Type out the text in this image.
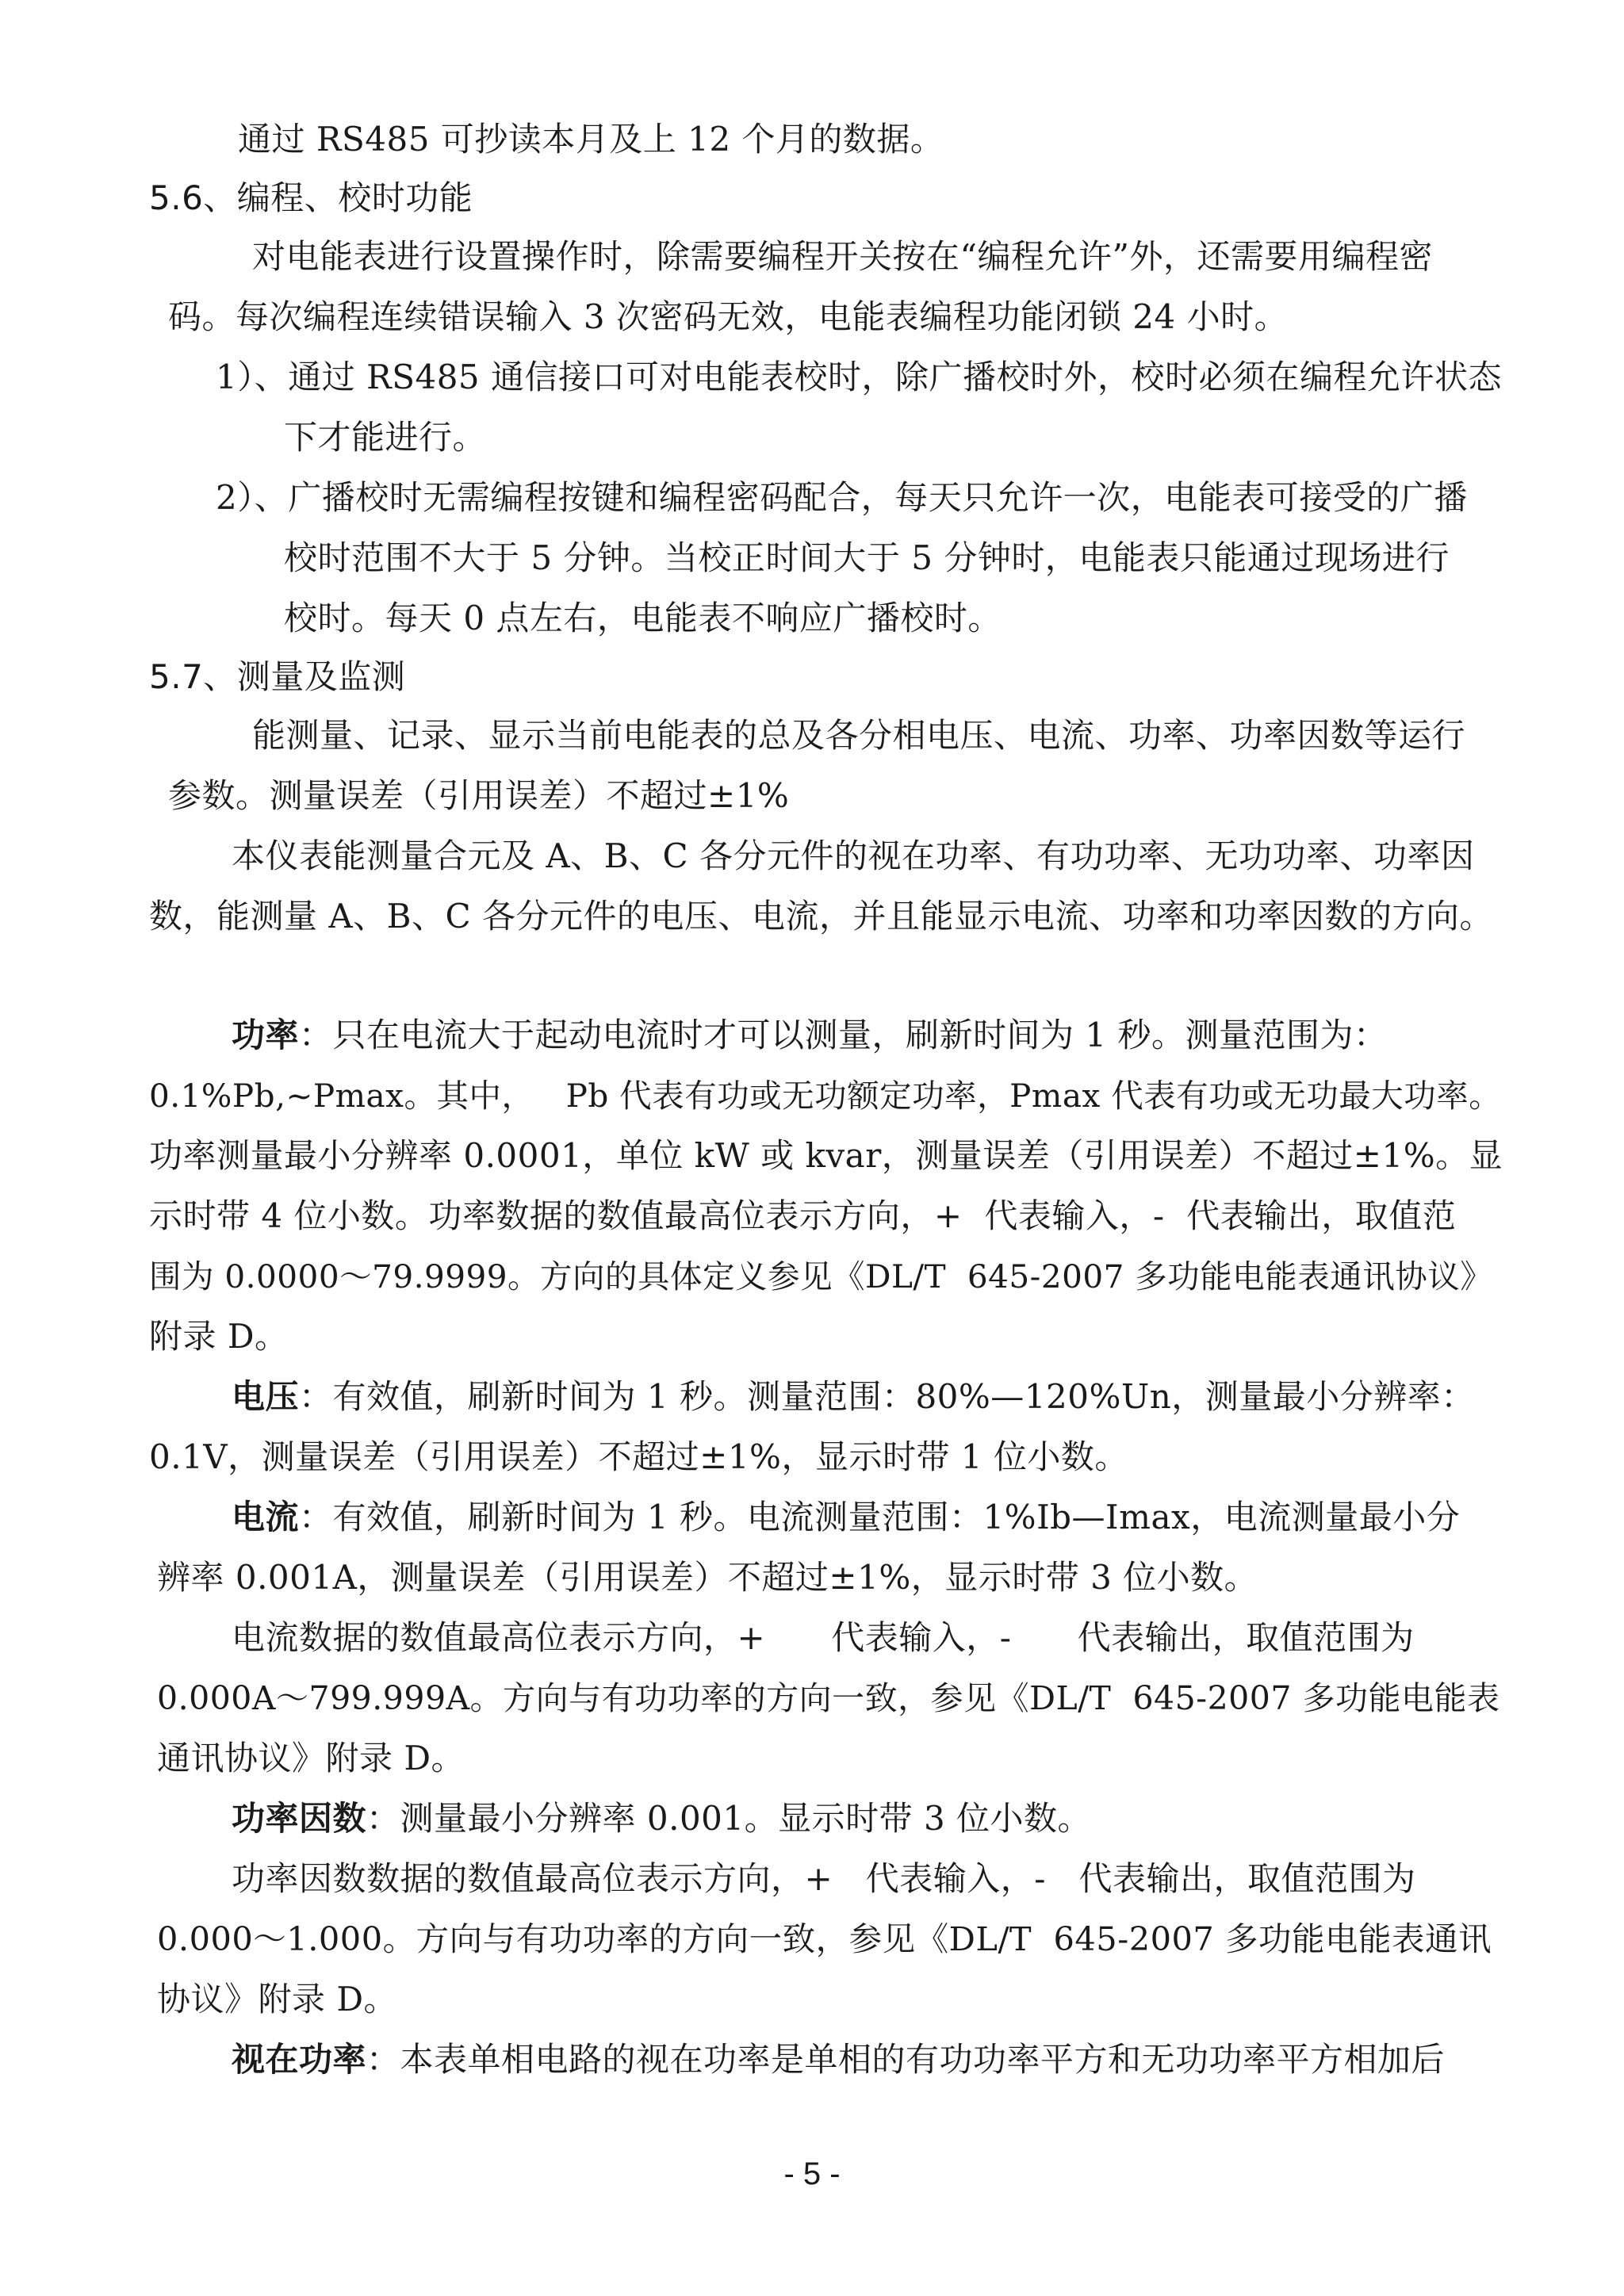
通过 RS485 可抄读本月及上 12 个月的数据。
5.6、编程、校时功能
对电能表进行设置操作时，除需要编程开关按在“编程允许”外，还需要用编程密
码。每次编程连续错误输入 3 次密码无效，电能表编程功能闭锁 24 小时。
1）、通过 RS485 通信接口可对电能表校时，除广播校时外，校时必须在编程允许状态
下才能进行。
2）、广播校时无需编程按键和编程密码配合，每天只允许一次，电能表可接受的广播
校时范围不大于 5 分钟。当校正时间大于 5 分钟时，电能表只能通过现场进行
校时。每天 0 点左右，电能表不响应广播校时。
5.7、测量及监测
能测量、记录、显示当前电能表的总及各分相电压、电流、功率、功率因数等运行
参数。测量误差（引用误差）不超过±1%
本仪表能测量合元及 A、B、C 各分元件的视在功率、有功功率、无功功率、功率因
数，能测量 A、B、C 各分元件的电压、电流，并且能显示电流、功率和功率因数的方向。
功率：只在电流大于起动电流时才可以测量，刷新时间为 1 秒。测量范围为：
0.1%Pb,~Pmax。其中，   Pb 代表有功或无功额定功率，Pmax 代表有功或无功最大功率。
功率测量最小分辨率 0.0001，单位 kW 或 kvar，测量误差（引用误差）不超过±1%。显
示时带 4 位小数。功率数据的数值最高位表示方向，+  代表输入，-  代表输出，取值范
围为 0.0000～79.9999。方向的具体定义参见《DL/T  645-2007 多功能电能表通讯协议》
附录 D。
电压：有效值，刷新时间为 1 秒。测量范围：80%—120%Un，测量最小分辨率：
0.1V，测量误差（引用误差）不超过±1%，显示时带 1 位小数。
电流：有效值，刷新时间为 1 秒。电流测量范围：1%Ib—Imax，电流测量最小分
辨率 0.001A，测量误差（引用误差）不超过±1%，显示时带 3 位小数。
电流数据的数值最高位表示方向，+      代表输入，-      代表输出，取值范围为
0.000A～799.999A。方向与有功功率的方向一致，参见《DL/T  645-2007 多功能电能表
通讯协议》附录 D。
功率因数：测量最小分辨率 0.001。显示时带 3 位小数。
功率因数数据的数值最高位表示方向，+   代表输入，-   代表输出，取值范围为
0.000～1.000。方向与有功功率的方向一致，参见《DL/T  645-2007 多功能电能表通讯
协议》附录 D。
视在功率：本表单相电路的视在功率是单相的有功功率平方和无功功率平方相加后
- 5 -
